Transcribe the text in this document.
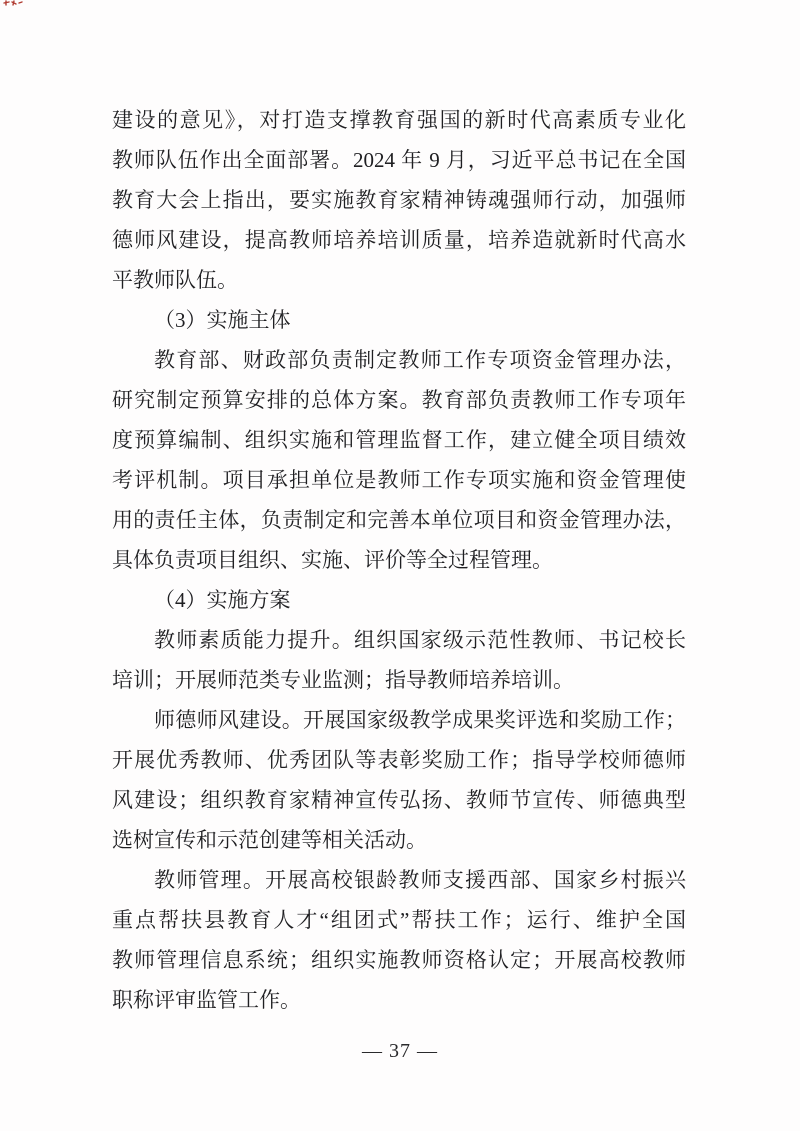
建设的意见》，对打造支撑教育强国的新时代高素质专业化
教师队伍作出全面部署。2024 年 9 月，习近平总书记在全国
教育大会上指出，要实施教育家精神铸魂强师行动，加强师
德师风建设，提高教师培养培训质量，培养造就新时代高水
平教师队伍。
（3）实施主体
教育部、财政部负责制定教师工作专项资金管理办法，
研究制定预算安排的总体方案。教育部负责教师工作专项年
度预算编制、组织实施和管理监督工作，建立健全项目绩效
考评机制。项目承担单位是教师工作专项实施和资金管理使
用的责任主体，负责制定和完善本单位项目和资金管理办法，
具体负责项目组织、实施、评价等全过程管理。
（4）实施方案
教师素质能力提升。组织国家级示范性教师、书记校长
培训；开展师范类专业监测；指导教师培养培训。
师德师风建设。开展国家级教学成果奖评选和奖励工作；
开展优秀教师、优秀团队等表彰奖励工作；指导学校师德师
风建设；组织教育家精神宣传弘扬、教师节宣传、师德典型
选树宣传和示范创建等相关活动。
教师管理。开展高校银龄教师支援西部、国家乡村振兴
重点帮扶县教育人才“组团式”帮扶工作；运行、维护全国
教师管理信息系统；组织实施教师资格认定；开展高校教师
职称评审监管工作。
— 37 —
